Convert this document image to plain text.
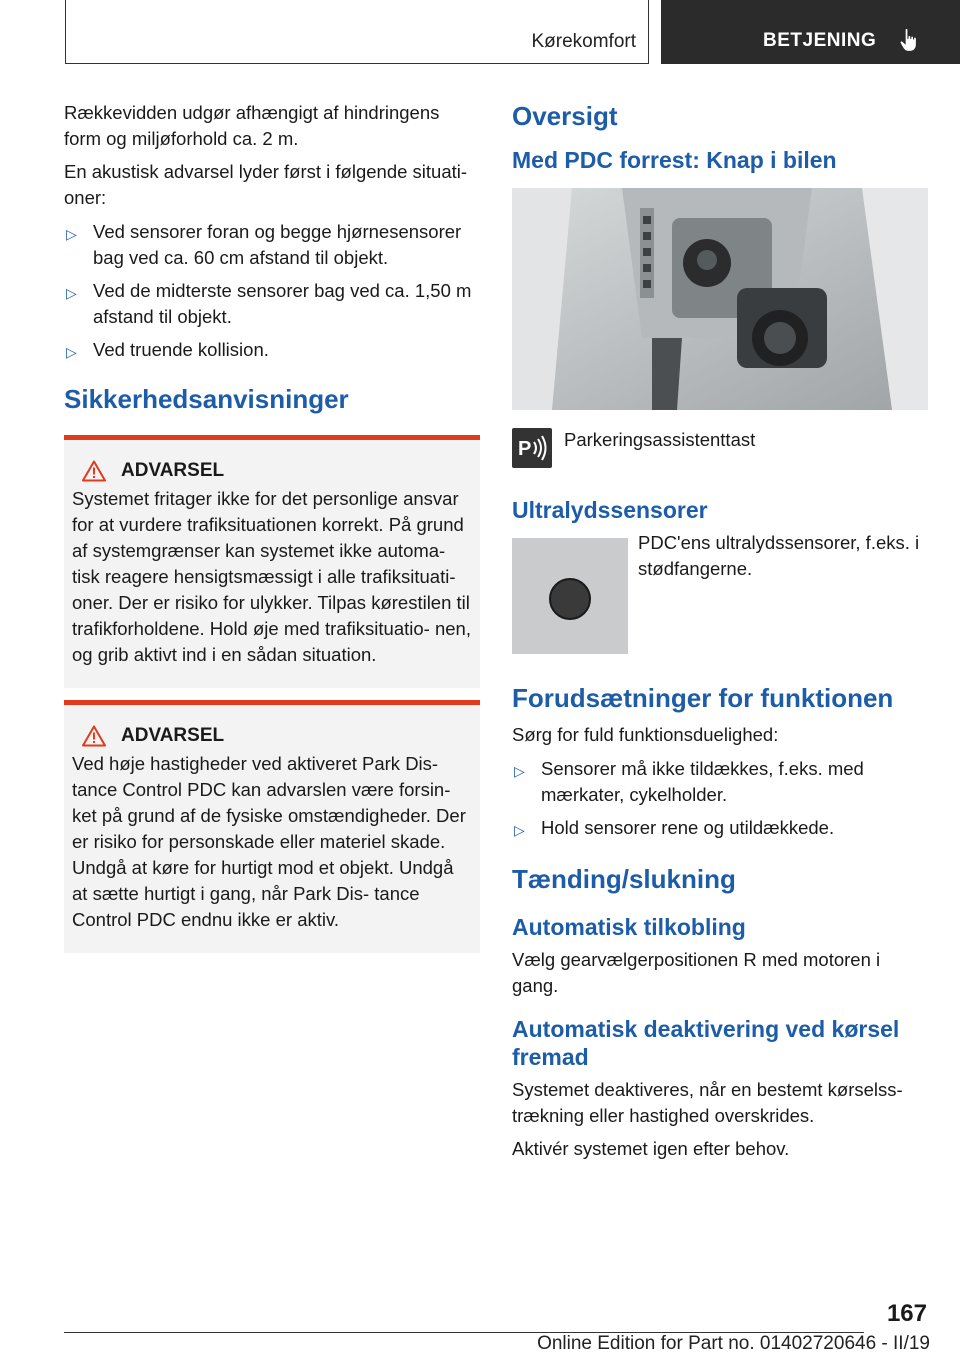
Kørekomfort	BETJENING

Rækkevidden udgør afhængigt af hindringens form og miljøforhold ca. 2 m.

En akustisk advarsel lyder først i følgende situati‐ oner:

▷ Ved sensorer foran og begge hjørnesensorer bag ved ca. 60 cm afstand til objekt.
▷ Ved de midterste sensorer bag ved ca. 1,50 m afstand til objekt.
▷ Ved truende kollision.
Sikkerhedsanvisninger
ADVARSEL
Systemet fritager ikke for det personlige ansvar for at vurdere trafiksituationen korrekt. På grund af systemgrænser kan systemet ikke automa‐ tisk reagere hensigtsmæssigt i alle trafiksituati‐ oner. Der er risiko for ulykker. Tilpas kørestilen til trafikforholdene. Hold øje med trafiksituatio‐ nen, og grib aktivt ind i en sådan situation.
ADVARSEL
Ved høje hastigheder ved aktiveret Park Dis‐ tance Control PDC kan advarslen være forsin‐ ket på grund af de fysiske omstændigheder. Der er risiko for personskade eller materiel skade. Undgå at køre for hurtigt mod et objekt. Undgå at sætte hurtigt i gang, når Park Dis‐ tance Control PDC endnu ikke er aktiv.
Oversigt
Med PDC forrest: Knap i bilen
P Parkeringsassistenttast
Ultralydssensorer

PDC'ens ultralydssensorer, f.eks. i stødfangerne.

Forudsætninger for funktionen

Sørg for fuld funktionsduelighed:

▷ Sensorer må ikke tildækkes, f.eks. med mærkater, cykelholder.
▷ Hold sensorer rene og utildækkede.
Tænding/slukning
Automatisk tilkobling

Vælg gearvælgerpositionen R med motoren i gang.

Automatisk deaktivering ved kørsel fremad

Systemet deaktiveres, når en bestemt kørselss‐ trækning eller hastighed overskrides.

Aktivér systemet igen efter behov.

167
Online Edition for Part no. 01402720646 - II/19
